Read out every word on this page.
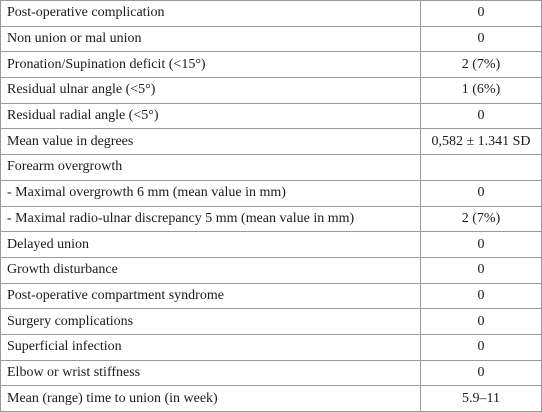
Post-operative complication	0
Non union or mal union	0
Pronation/Supination deficit (<15°)	2 (7%)
Residual ulnar angle (<5°)	1 (6%)
Residual radial angle (<5°)	0
Mean value in degrees	0,582 ± 1.341 SD
Forearm overgrowth	
- Maximal overgrowth 6 mm (mean value in mm)	0
- Maximal radio-ulnar discrepancy 5 mm (mean value in mm)	2 (7%)
Delayed union	0
Growth disturbance	0
Post-operative compartment syndrome	0
Surgery complications	0
Superficial infection	0
Elbow or wrist stiffness	0
Mean (range) time to union (in week)	5.9–11
